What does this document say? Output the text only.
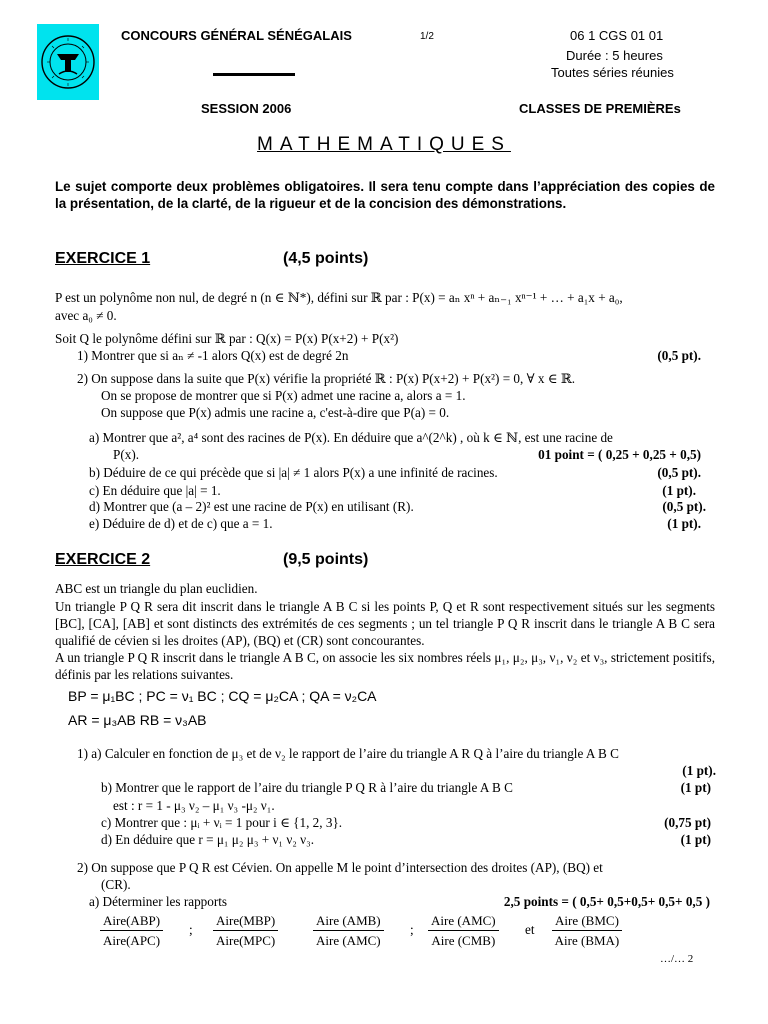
CONCOURS GÉNÉRAL SÉNÉGALAIS	1/2	06 1 CGS 01 01
Durée : 5 heures
Toutes séries réunies
SESSION 2006	CLASSES DE PREMIÈREs
MATHEMATIQUES
Le sujet comporte deux problèmes obligatoires. Il sera tenu compte dans l’appréciation des copies de la présentation, de la clarté, de la rigueur et de la concision des démonstrations.
EXERCICE 1	(4,5 points)
P est un polynôme non nul, de degré n (n ∈ ℕ*), défini sur ℝ par : P(x) = aₙ xⁿ + aₙ₋₁ xⁿ⁻¹ + … + a₁x + a₀,
avec a₀ ≠ 0.
Soit Q le polynôme défini sur ℝ par : Q(x) = P(x) P(x+2) + P(x²)
1) Montrer que si aₙ ≠ -1 alors Q(x) est de degré 2n	(0,5 pt).
2) On suppose dans la suite que P(x) vérifie la propriété ℝ : P(x) P(x+2) + P(x²) = 0, ∀ x ∈ ℝ.
On se propose de montrer que si P(x) admet une racine a, alors a = 1.
On suppose que P(x) admis une racine a, c'est-à-dire que P(a) = 0.
a) Montrer que a², a⁴ sont des racines de P(x). En déduire que a^(2^k) , où k ∈ ℕ, est une racine de
P(x).	01 point = ( 0,25 + 0,25 + 0,5)
b) Déduire de ce qui précède que si |a| ≠ 1 alors P(x) a une infinité de racines.	(0,5 pt).
c) En déduire que |a| = 1.	(1 pt).
d) Montrer que (a – 2)² est une racine de P(x) en utilisant (R).	(0,5 pt).
e) Déduire de d) et de c) que a = 1.	(1 pt).
EXERCICE 2	(9,5 points)
ABC est un triangle du plan euclidien.
Un triangle P Q R sera dit inscrit dans le triangle A B C si les points P, Q et R sont respectivement situés sur les segments [BC], [CA], [AB] et sont distincts des extrémités de ces segments ; un tel triangle P Q R inscrit dans le triangle A B C sera qualifié de cévien si les droites (AP), (BQ) et (CR) sont concourantes.
A un triangle P Q R inscrit dans le triangle A B C, on associe les six nombres réels μ₁, μ₂, μ₃, ν₁, ν₂ et ν₃, strictement positifs, définis par les relations suivantes.
BP = μ₁BC ; PC = ν₁ BC ; CQ = μ₂CA ; QA = ν₂CA
AR = μ₃AB RB = ν₃AB
1) a) Calculer en fonction de μ₃ et de ν₂ le rapport de l’aire du triangle A R Q à l’aire du triangle A B C
(1 pt).
b) Montrer que le rapport de l’aire du triangle P Q R à l’aire du triangle A B C	(1 pt)
est : r = 1 - μ₃ ν₂ – μ₁ ν₃ -μ₂ ν₁.
c) Montrer que : μᵢ + νᵢ = 1 pour i ∈ {1, 2, 3}.	(0,75 pt)
d) En déduire que r = μ₁ μ₂ μ₃ + ν₁ ν₂ ν₃.	(1 pt)
2) On suppose que P Q R est Cévien. On appelle M le point d’intersection des droites (AP), (BQ) et
(CR).
a) Déterminer les rapports	2,5 points = ( 0,5+ 0,5+0,5+ 0,5+ 0,5 )
Aire(ABP)
Aire(APC)
;
Aire(MBP)
Aire(MPC)
Aire (AMB)
Aire (AMC)
;
Aire (AMC)
Aire (CMB)
et
Aire (BMC)
Aire (BMA)
…/… 2
